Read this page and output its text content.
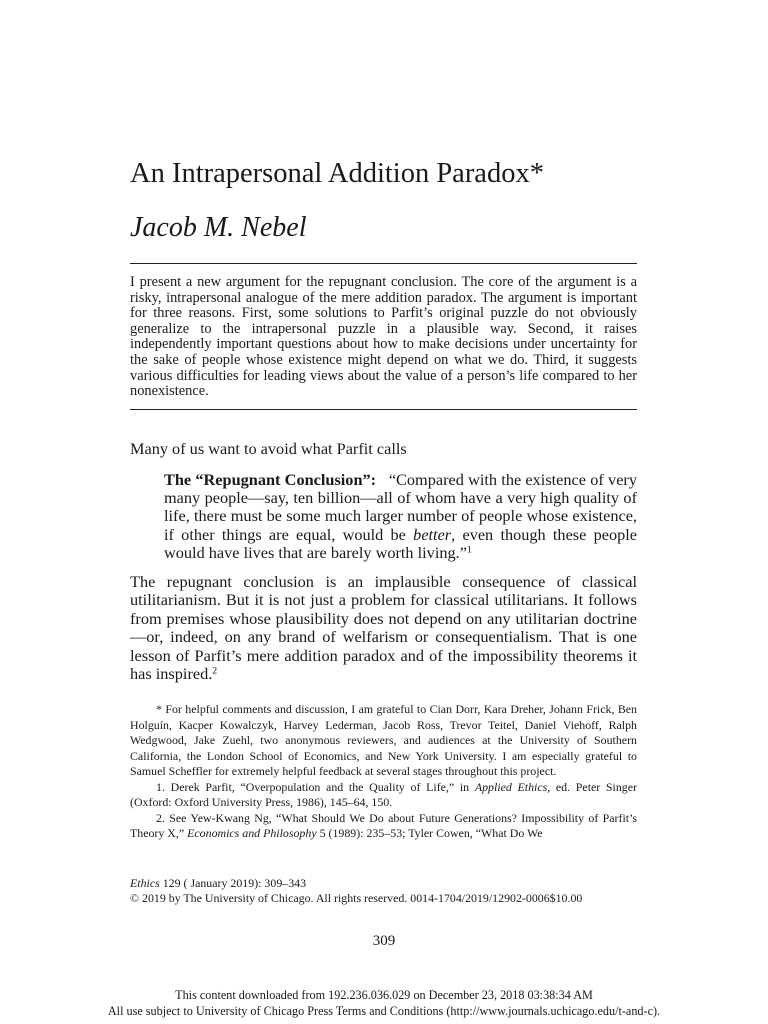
An Intrapersonal Addition Paradox*
Jacob M. Nebel
I present a new argument for the repugnant conclusion. The core of the argument is a risky, intrapersonal analogue of the mere addition paradox. The argument is important for three reasons. First, some solutions to Parfit’s original puzzle do not obviously generalize to the intrapersonal puzzle in a plausible way. Second, it raises independently important questions about how to make decisions under uncertainty for the sake of people whose existence might depend on what we do. Third, it suggests various difficulties for leading views about the value of a person’s life compared to her nonexistence.
Many of us want to avoid what Parfit calls
The “Repugnant Conclusion”: “Compared with the existence of very many people—say, ten billion—all of whom have a very high quality of life, there must be some much larger number of people whose existence, if other things are equal, would be better, even though these people would have lives that are barely worth living.”$^1$
The repugnant conclusion is an implausible consequence of classical utilitarianism. But it is not just a problem for classical utilitarians. It follows from premises whose plausibility does not depend on any utilitarian doctrine—or, indeed, on any brand of welfarism or consequentialism. That is one lesson of Parfit’s mere addition paradox and of the impossibility theorems it has inspired.$^2$

* For helpful comments and discussion, I am grateful to Cian Dorr, Kara Dreher, Johann Frick, Ben Holguín, Kacper Kowalczyk, Harvey Lederman, Jacob Ross, Trevor Teitel, Daniel Viehoff, Ralph Wedgwood, Jake Zuehl, two anonymous reviewers, and audiences at the University of Southern California, the London School of Economics, and New York University. I am especially grateful to Samuel Scheffler for extremely helpful feedback at several stages throughout this project.

1. Derek Parfit, “Overpopulation and the Quality of Life,” in Applied Ethics, ed. Peter Singer (Oxford: Oxford University Press, 1986), 145–64, 150.

2. See Yew-Kwang Ng, “What Should We Do about Future Generations? Impossibility of Parfit’s Theory X,” Economics and Philosophy 5 (1989): 235–53; Tyler Cowen, “What Do We

Ethics 129 ( January 2019): 309–343
© 2019 by The University of Chicago. All rights reserved. 0014-1704/2019/12902-0006$10.00
309
This content downloaded from 192.236.036.029 on December 23, 2018 03:38:34 AM
All use subject to University of Chicago Press Terms and Conditions (http://www.journals.uchicago.edu/t-and-c).
